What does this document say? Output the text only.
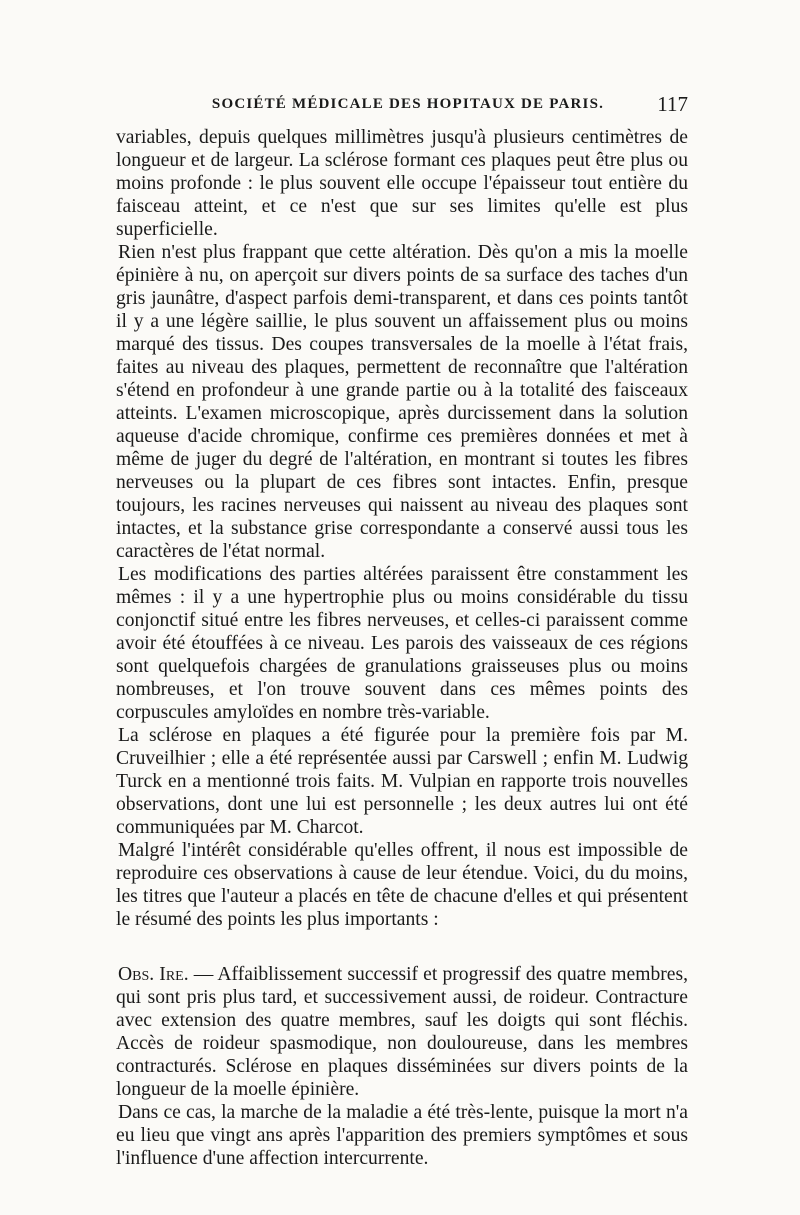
SOCIÉTÉ MÉDICALE DES HOPITAUX DE PARIS.	117

variables, depuis quelques millimètres jusqu'à plusieurs centimètres de longueur et de largeur. La sclérose formant ces plaques peut être plus ou moins profonde : le plus souvent elle occupe l'épaisseur tout entière du faisceau atteint, et ce n'est que sur ses limites qu'elle est plus superficielle.

Rien n'est plus frappant que cette altération. Dès qu'on a mis la moelle épinière à nu, on aperçoit sur divers points de sa surface des taches d'un gris jaunâtre, d'aspect parfois demi-transparent, et dans ces points tantôt il y a une légère saillie, le plus souvent un affaissement plus ou moins marqué des tissus. Des coupes transversales de la moelle à l'état frais, faites au niveau des plaques, permettent de reconnaître que l'altération s'étend en profondeur à une grande partie ou à la totalité des faisceaux atteints. L'examen microscopique, après durcissement dans la solution aqueuse d'acide chromique, confirme ces premières données et met à même de juger du degré de l'altération, en montrant si toutes les fibres nerveuses ou la plupart de ces fibres sont intactes. Enfin, presque toujours, les racines nerveuses qui naissent au niveau des plaques sont intactes, et la substance grise correspondante a conservé aussi tous les caractères de l'état normal.

Les modifications des parties altérées paraissent être constamment les mêmes : il y a une hypertrophie plus ou moins considérable du tissu conjonctif situé entre les fibres nerveuses, et celles-ci paraissent comme avoir été étouffées à ce niveau. Les parois des vaisseaux de ces régions sont quelquefois chargées de granulations graisseuses plus ou moins nombreuses, et l'on trouve souvent dans ces mêmes points des corpuscules amyloïdes en nombre très-variable.

La sclérose en plaques a été figurée pour la première fois par M. Cruveilhier ; elle a été représentée aussi par Carswell ; enfin M. Ludwig Turck en a mentionné trois faits. M. Vulpian en rapporte trois nouvelles observations, dont une lui est personnelle ; les deux autres lui ont été communiquées par M. Charcot.

Malgré l'intérêt considérable qu'elles offrent, il nous est impossible de reproduire ces observations à cause de leur étendue. Voici, du du moins, les titres que l'auteur a placés en tête de chacune d'elles et qui présentent le résumé des points les plus importants :

Obs. Ire. — Affaiblissement successif et progressif des quatre membres, qui sont pris plus tard, et successivement aussi, de roideur. Contracture avec extension des quatre membres, sauf les doigts qui sont fléchis. Accès de roideur spasmodique, non douloureuse, dans les membres contracturés. Sclérose en plaques disséminées sur divers points de la longueur de la moelle épinière.

Dans ce cas, la marche de la maladie a été très-lente, puisque la mort n'a eu lieu que vingt ans après l'apparition des premiers symptômes et sous l'influence d'une affection intercurrente.
